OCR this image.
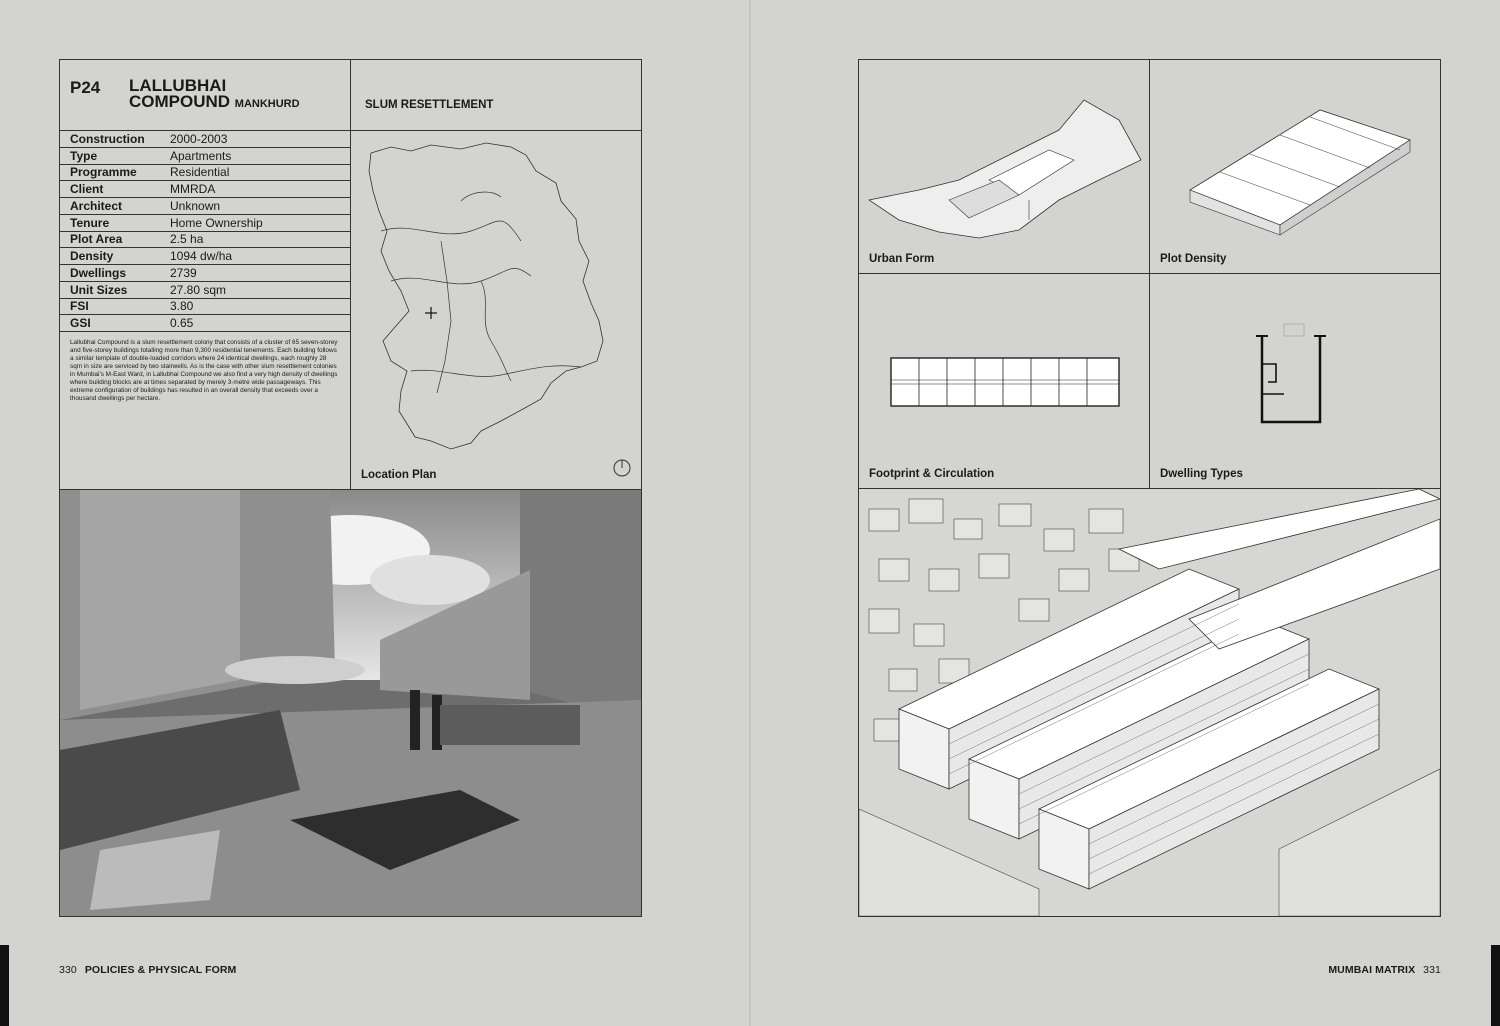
P24 LALLUBHAI
COMPOUND MANKHURD	SLUM RESETTLEMENT
Construction	2000-2003
Type	Apartments
Programme	Residential
Client	MMRDA
Architect	Unknown
Tenure	Home Ownership
Plot Area	2.5 ha
Density	1094 dw/ha
Dwellings	2739
Unit Sizes	27.80 sqm
FSI	3.80
GSI	0.65
Lallubhai Compound is a slum resettlement colony that consists of a cluster of 65 seven-storey and five-storey buildings totalling more than 9,300 residential tenements. Each building follows a similar template of double-loaded corridors where 24 identical dwellings, each roughly 28 sqm in size are serviced by two stairwells. As is the case with other slum resettlement colonies in Mumbai's M-East Ward, in Lallubhai Compound we also find a very high density of dwellings where building blocks are at times separated by merely 3-metre wide passageways. This extreme configuration of buildings has resulted in an overall density that exceeds over a thousand dwellings per hectare.
Location Plan
Urban Form	Plot Density
Footprint & Circulation	Dwelling Types
330 POLICIES & PHYSICAL FORM	MUMBAI MATRIX 331
